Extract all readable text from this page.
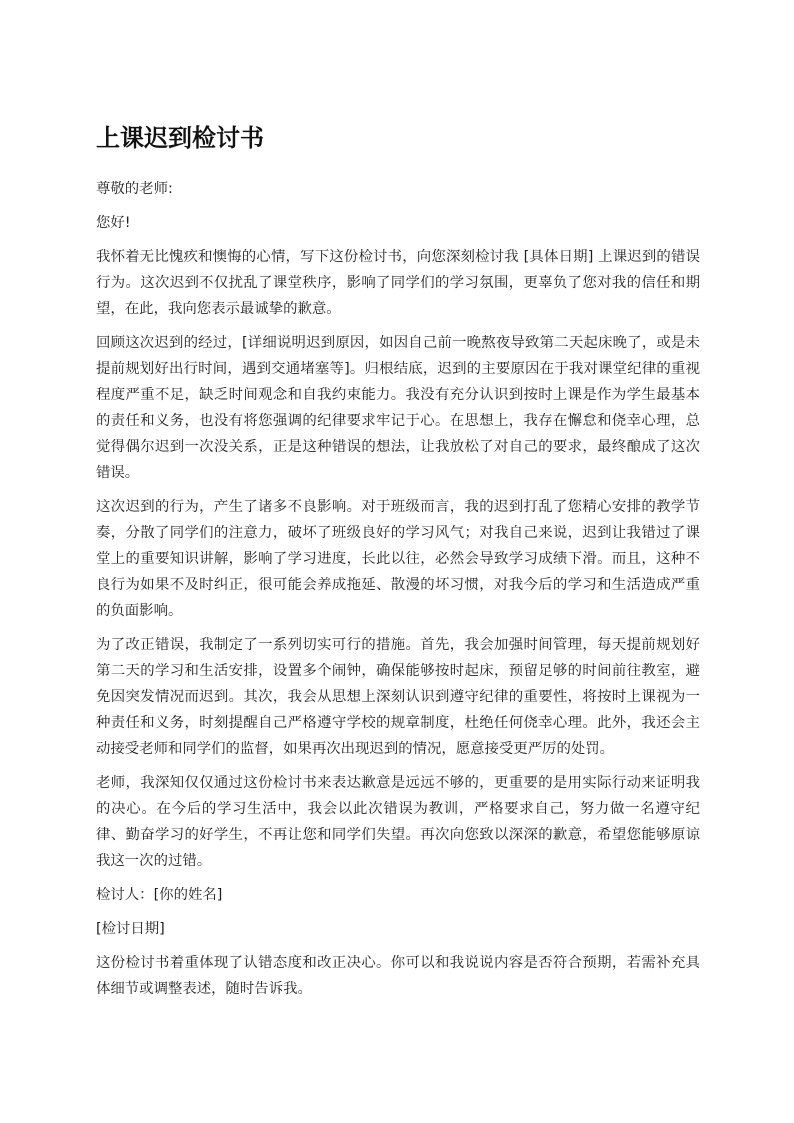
上课迟到检讨书

尊敬的老师:

您好!

我怀着无比愧疚和懊悔的心情，写下这份检讨书，向您深刻检讨我 [具体日期] 上课迟到的错误行为。这次迟到不仅扰乱了课堂秩序，影响了同学们的学习氛围，更辜负了您对我的信任和期望，在此，我向您表示最诚挚的歉意。

回顾这次迟到的经过，[详细说明迟到原因，如因自己前一晚熬夜导致第二天起床晚了，或是未提前规划好出行时间，遇到交通堵塞等]。归根结底，迟到的主要原因在于我对课堂纪律的重视程度严重不足，缺乏时间观念和自我约束能力。我没有充分认识到按时上课是作为学生最基本的责任和义务，也没有将您强调的纪律要求牢记于心。在思想上，我存在懈怠和侥幸心理，总觉得偶尔迟到一次没关系，正是这种错误的想法，让我放松了对自己的要求，最终酿成了这次错误。

这次迟到的行为，产生了诸多不良影响。对于班级而言，我的迟到打乱了您精心安排的教学节奏，分散了同学们的注意力，破坏了班级良好的学习风气；对我自己来说，迟到让我错过了课堂上的重要知识讲解，影响了学习进度，长此以往，必然会导致学习成绩下滑。而且，这种不良行为如果不及时纠正，很可能会养成拖延、散漫的坏习惯，对我今后的学习和生活造成严重的负面影响。

为了改正错误，我制定了一系列切实可行的措施。首先，我会加强时间管理，每天提前规划好第二天的学习和生活安排，设置多个闹钟，确保能够按时起床，预留足够的时间前往教室，避免因突发情况而迟到。其次，我会从思想上深刻认识到遵守纪律的重要性，将按时上课视为一种责任和义务，时刻提醒自己严格遵守学校的规章制度，杜绝任何侥幸心理。此外，我还会主动接受老师和同学们的监督，如果再次出现迟到的情况，愿意接受更严厉的处罚。

老师，我深知仅仅通过这份检讨书来表达歉意是远远不够的，更重要的是用实际行动来证明我的决心。在今后的学习生活中，我会以此次错误为教训，严格要求自己，努力做一名遵守纪律、勤奋学习的好学生，不再让您和同学们失望。再次向您致以深深的歉意，希望您能够原谅我这一次的过错。

检讨人：[你的姓名]

[检讨日期]

这份检讨书着重体现了认错态度和改正决心。你可以和我说说内容是否符合预期，若需补充具体细节或调整表述，随时告诉我。
